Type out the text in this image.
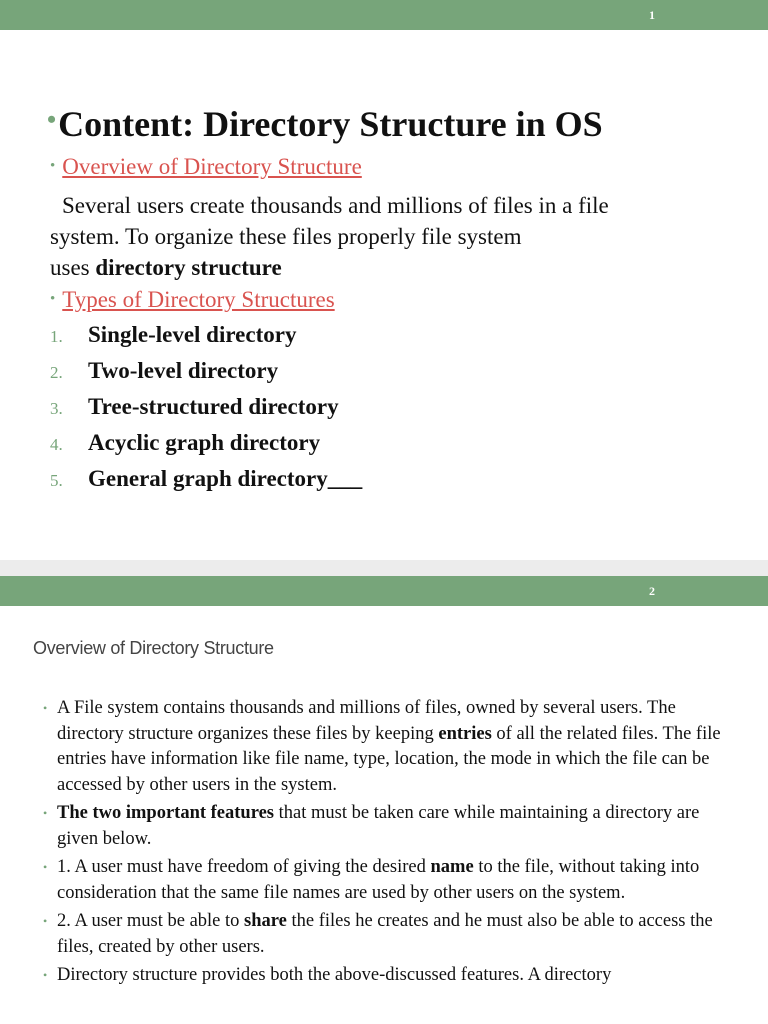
1
•Content: Directory Structure in OS
• Overview of Directory Structure
Several users create thousands and millions of files in a file
system. To organize these files properly file system
uses directory structure
• Types of Directory Structures
1. Single-level directory
2. Two-level directory
3. Tree-structured directory
4. Acyclic graph directory
5. General graph directory___
2
Overview of Directory Structure
• A File system contains thousands and millions of files, owned by several users. The directory structure organizes these files by keeping entries of all the related files. The file entries have information like file name, type, location, the mode in which the file can be accessed by other users in the system.
• The two important features that must be taken care while maintaining a directory are given below.
• 1. A user must have freedom of giving the desired name to the file, without taking into consideration that the same file names are used by other users on the system.
• 2. A user must be able to share the files he creates and he must also be able to access the files, created by other users.
• Directory structure provides both the above-discussed features. A directory
